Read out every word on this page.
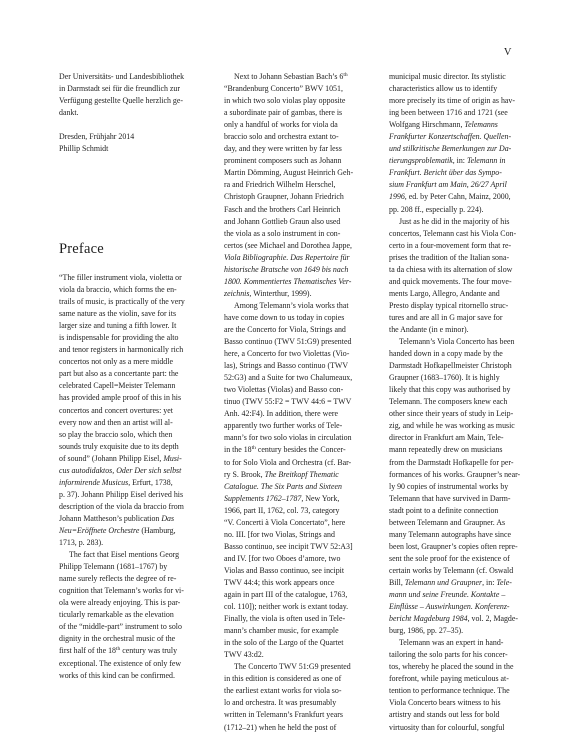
V

Der Universitäts- und Landesbibliothek
in Darmstadt sei für die freundlich zur
Verfügung gestellte Quelle herzlich ge-
dankt.

Dresden, Frühjahr 2014
Phillip Schmidt

Preface

“The filler instrument viola, violetta or
viola da braccio, which forms the en-
trails of music, is practically of the very
same nature as the violin, save for its
larger size and tuning a fifth lower. It
is indispensable for providing the alto
and tenor registers in harmonically rich
concertos not only as a mere middle
part but also as a concertante part: the
celebrated Capell=Meister Telemann
has provided ample proof of this in his
concertos and concert overtures: yet
every now and then an artist will al-
so play the braccio solo, which then
sounds truly exquisite due to its depth
of sound” (Johann Philipp Eisel, Musi-
cus autodidaktos, Oder Der sich selbst
informirende Musicus, Erfurt, 1738,
p. 37). Johann Philipp Eisel derived his
description of the viola da braccio from
Johann Mattheson’s publication Das
Neu=Eröffnete Orchestre (Hamburg,
1713, p. 283).

The fact that Eisel mentions Georg
Philipp Telemann (1681–1767) by
name surely reflects the degree of re-
cognition that Telemann’s works for vi-
ola were already enjoying. This is par-
ticularly remarkable as the elevation
of the “middle-part” instrument to solo
dignity in the orchestral music of the
first half of the 18th century was truly
exceptional. The existence of only few
works of this kind can be confirmed.

Next to Johann Sebastian Bach’s 6th
“Brandenburg Concerto” BWV 1051,
in which two solo violas play opposite
a subordinate pair of gambas, there is
only a handful of works for viola da
braccio solo and orchestra extant to-
day, and they were written by far less
prominent composers such as Johann
Martin Dömming, August Heinrich Geh-
ra and Friedrich Wilhelm Herschel,
Christoph Graupner, Johann Friedrich
Fasch and the brothers Carl Heinrich
and Johann Gottlieb Graun also used
the viola as a solo instrument in con-
certos (see Michael and Dorothea Jappe,
Viola Bibliographie. Das Repertoire für
historische Bratsche von 1649 bis nach
1800. Kommentiertes Thematisches Ver-
zeichnis, Winterthur, 1999).

Among Telemann’s viola works that
have come down to us today in copies
are the Concerto for Viola, Strings and
Basso continuo (TWV 51:G9) presented
here, a Concerto for two Violettas (Vio-
las), Strings and Basso continuo (TWV
52:G3) and a Suite for two Chalumeaux,
two Violettas (Violas) and Basso con-
tinuo (TWV 55:F2 = TWV 44:6 = TWV
Anh. 42:F4). In addition, there were
apparently two further works of Tele-
mann’s for two solo violas in circulation
in the 18th century besides the Concer-
to for Solo Viola and Orchestra (cf. Bar-
ry S. Brook, The Breitkopf Thematic
Catalogue. The Six Parts and Sixteen
Supplements 1762–1787, New York,
1966, part II, 1762, col. 73, category
“V. Concerti à Viola Concertato”, here
no. III. [for two Violas, Strings and
Basso continuo, see incipit TWV 52:A3]
and IV. [for two Oboes d’amore, two
Violas and Basso continuo, see incipit
TWV 44:4; this work appears once
again in part III of the catalogue, 1763,
col. 110]); neither work is extant today.
Finally, the viola is often used in Tele-
mann’s chamber music, for example
in the solo of the Largo of the Quartet
TWV 43:d2.

The Concerto TWV 51:G9 presented
in this edition is considered as one of
the earliest extant works for viola so-
lo and orchestra. It was presumably
written in Telemann’s Frankfurt years
(1712–21) when he held the post of

municipal music director. Its stylistic
characteristics allow us to identify
more precisely its time of origin as hav-
ing been between 1716 and 1721 (see
Wolfgang Hirschmann, Telemanns
Frankfurter Konzertschaffen. Quellen-
und stilkritische Bemerkungen zur Da-
tierungsproblematik, in: Telemann in
Frankfurt. Bericht über das Sympo-
sium Frankfurt am Main, 26/27 April
1996, ed. by Peter Cahn, Mainz, 2000,
pp. 208 ff., especially p. 224).

Just as he did in the majority of his
concertos, Telemann cast his Viola Con-
certo in a four-movement form that re-
prises the tradition of the Italian sona-
ta da chiesa with its alternation of slow
and quick movements. The four move-
ments Largo, Allegro, Andante and
Presto display typical ritornello struc-
tures and are all in G major save for
the Andante (in e minor).

Telemann’s Viola Concerto has been
handed down in a copy made by the
Darmstadt Hofkapellmeister Christoph
Graupner (1683–1760). It is highly
likely that this copy was authorised by
Telemann. The composers knew each
other since their years of study in Leip-
zig, and while he was working as music
director in Frankfurt am Main, Tele-
mann repeatedly drew on musicians
from the Darmstadt Hofkapelle for per-
formances of his works. Graupner’s near-
ly 90 copies of instrumental works by
Telemann that have survived in Darm-
stadt point to a definite connection
between Telemann and Graupner. As
many Telemann autographs have since
been lost, Graupner’s copies often repre-
sent the sole proof for the existence of
certain works by Telemann (cf. Oswald
Bill, Telemann und Graupner, in: Tele-
mann und seine Freunde. Kontakte –
Einflüsse – Auswirkungen. Konferenz-
bericht Magdeburg 1984, vol. 2, Magde-
burg, 1986, pp. 27–35).

Telemann was an expert in hand-
tailoring the solo parts for his concer-
tos, whereby he placed the sound in the
forefront, while paying meticulous at-
tention to performance technique. The
Viola Concerto bears witness to his
artistry and stands out less for bold
virtuosity than for colourful, songful
